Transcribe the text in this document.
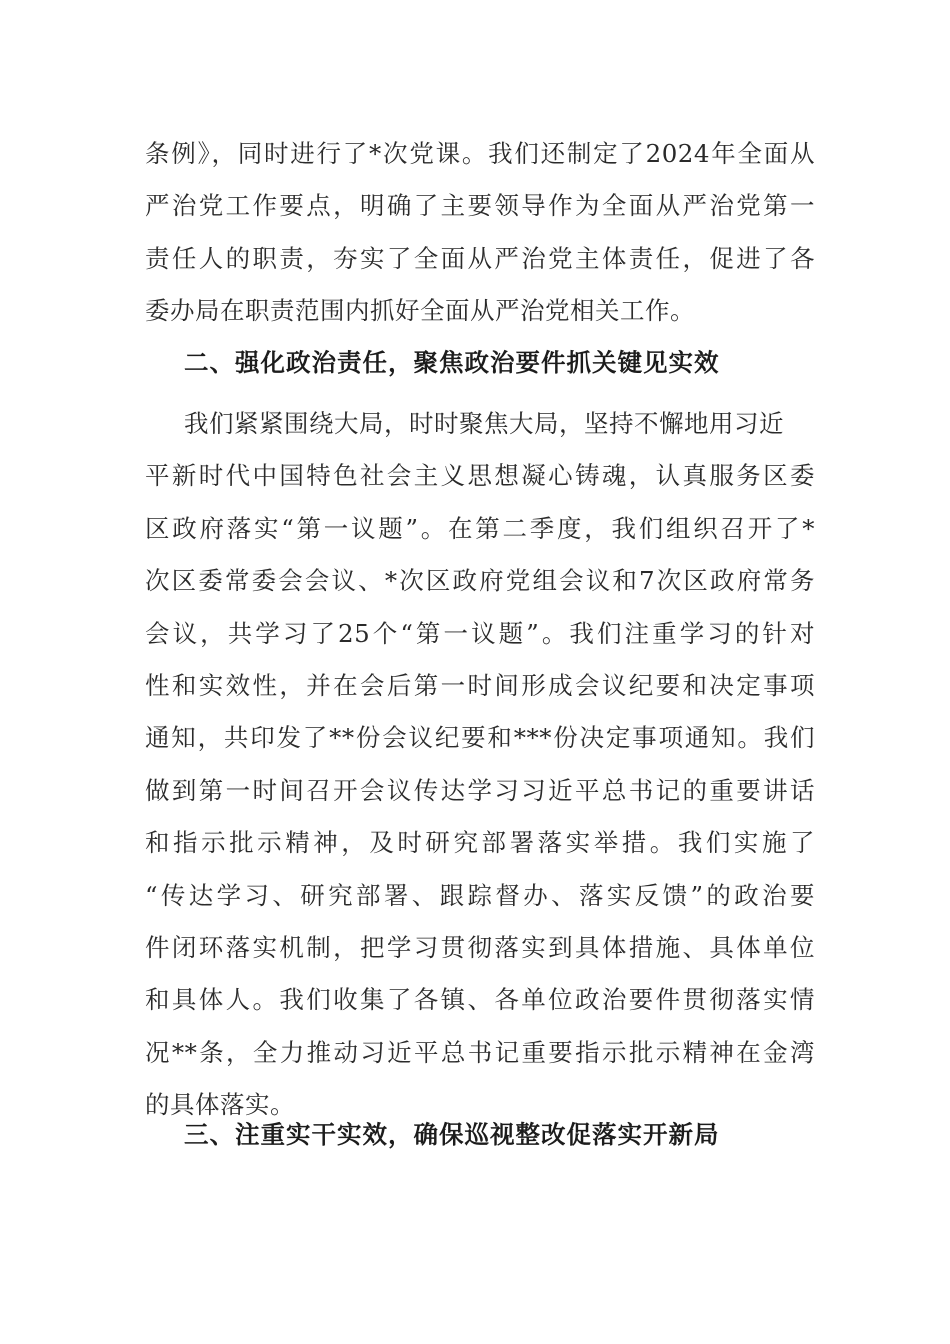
条例》，同时进行了*次党课。我们还制定了2024年全面从
严治党工作要点，明确了主要领导作为全面从严治党第一
责任人的职责，夯实了全面从严治党主体责任，促进了各
委办局在职责范围内抓好全面从严治党相关工作。
二、强化政治责任，聚焦政治要件抓关键见实效
我们紧紧围绕大局，时时聚焦大局，坚持不懈地用习近
平新时代中国特色社会主义思想凝心铸魂，认真服务区委
区政府落实“第一议题”。在第二季度，我们组织召开了*
次区委常委会会议、*次区政府党组会议和7次区政府常务
会议，共学习了25个“第一议题”。我们注重学习的针对
性和实效性，并在会后第一时间形成会议纪要和决定事项
通知，共印发了**份会议纪要和***份决定事项通知。我们
做到第一时间召开会议传达学习习近平总书记的重要讲话
和指示批示精神，及时研究部署落实举措。我们实施了
“传达学习、研究部署、跟踪督办、落实反馈”的政治要
件闭环落实机制，把学习贯彻落实到具体措施、具体单位
和具体人。我们收集了各镇、各单位政治要件贯彻落实情
况**条，全力推动习近平总书记重要指示批示精神在金湾
的具体落实。
三、注重实干实效，确保巡视整改促落实开新局
